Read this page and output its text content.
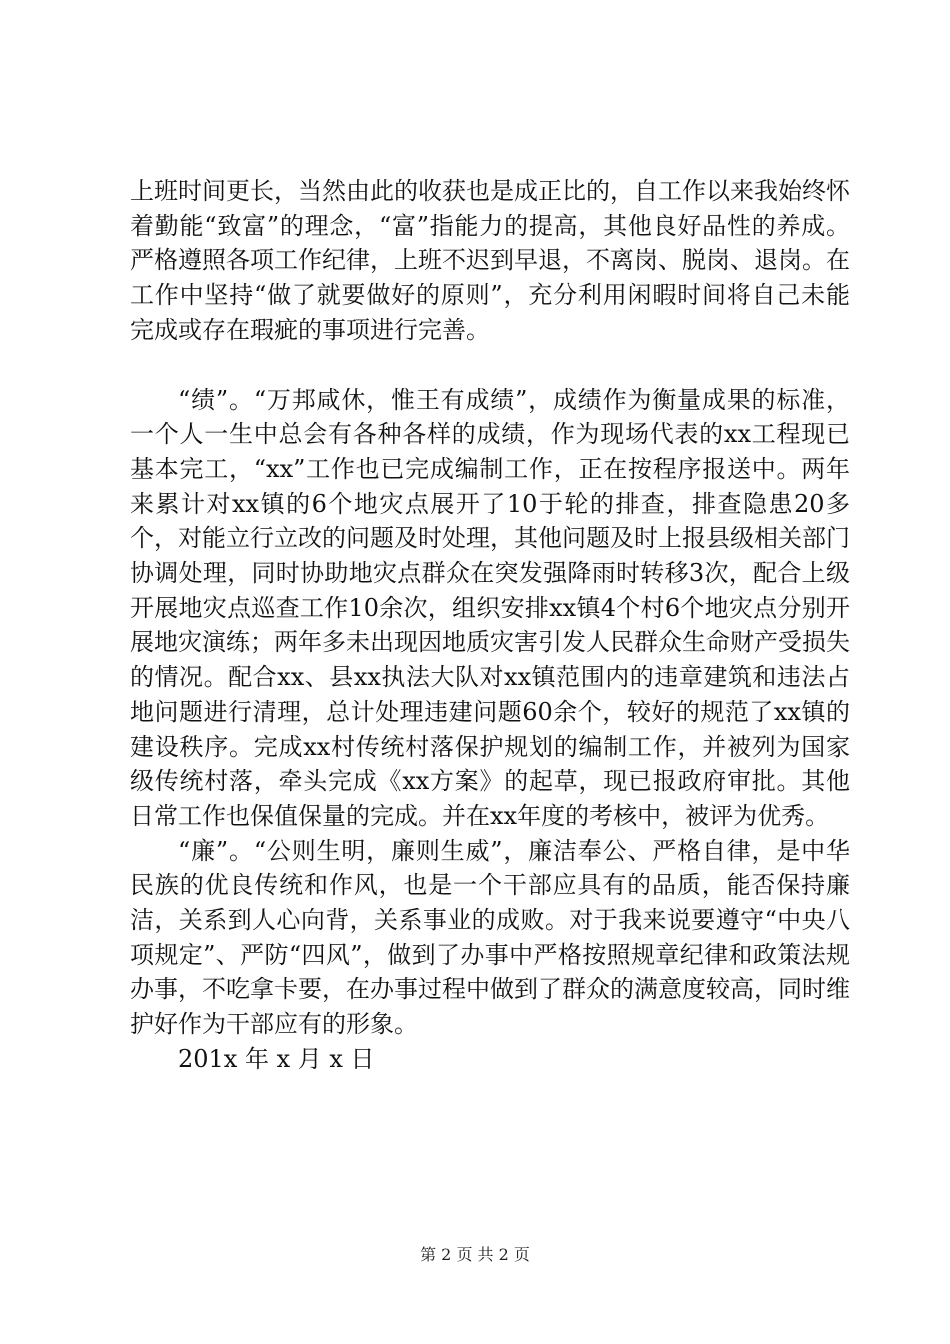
上班时间更长，当然由此的收获也是成正比的，自工作以来我始终怀着勤能“致富”的理念，“富”指能力的提高，其他良好品性的养成。严格遵照各项工作纪律，上班不迟到早退，不离岗、脱岗、退岗。在工作中坚持“做了就要做好的原则”，充分利用闲暇时间将自己未能完成或存在瑕疵的事项进行完善。

“绩”。“万邦咸休，惟王有成绩”，成绩作为衡量成果的标准，一个人一生中总会有各种各样的成绩，作为现场代表的xx工程现已基本完工，“xx”工作也已完成编制工作，正在按程序报送中。两年来累计对xx镇的6个地灾点展开了10于轮的排查，排查隐患20多个，对能立行立改的问题及时处理，其他问题及时上报县级相关部门协调处理，同时协助地灾点群众在突发强降雨时转移3次，配合上级开展地灾点巡查工作10余次，组织安排xx镇4个村6个地灾点分别开展地灾演练；两年多未出现因地质灾害引发人民群众生命财产受损失的情况。配合xx、县xx执法大队对xx镇范围内的违章建筑和违法占地问题进行清理，总计处理违建问题60余个，较好的规范了xx镇的建设秩序。完成xx村传统村落保护规划的编制工作，并被列为国家级传统村落，牵头完成《xx方案》的起草，现已报政府审批。其他日常工作也保值保量的完成。并在xx年度的考核中，被评为优秀。

“廉”。“公则生明，廉则生威”，廉洁奉公、严格自律，是中华民族的优良传统和作风，也是一个干部应具有的品质，能否保持廉洁，关系到人心向背，关系事业的成败。对于我来说要遵守“中央八项规定”、严防“四风”，做到了办事中严格按照规章纪律和政策法规办事，不吃拿卡要，在办事过程中做到了群众的满意度较高，同时维护好作为干部应有的形象。

201x 年 x 月 x 日

第 2 页 共 2 页
